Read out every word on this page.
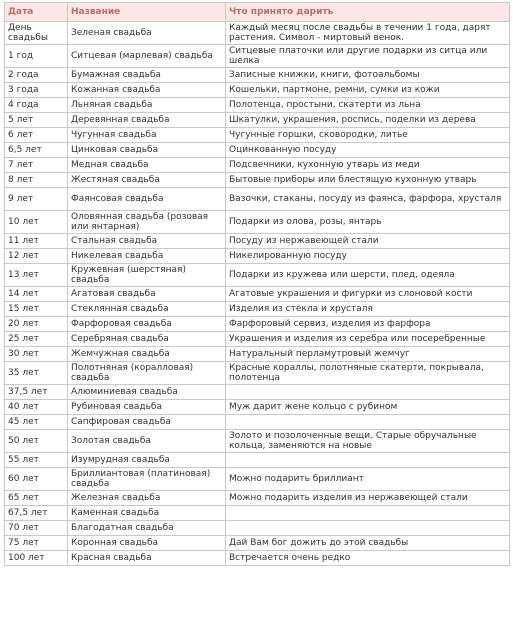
Дата	Название	Что принято дарить
День свадьбы	Зеленая свадьба	Каждый месяц после свадьбы в течении 1 года, дарят растения. Символ - миртовый венок.
1 год	Ситцевая (марлевая) свадьба	Ситцевые платочки или другие подарки из ситца или шелка
2 года	Бумажная свадьба	Записные книжки, книги, фотоальбомы
3 года	Кожанная свадьба	Кошельки, партмоне, ремни, сумки из кожи
4 года	Льняная свадьба	Полотенца, простыни, скатерти из льна
5 лет	Деревянная свадьба	Шкатулки, украшения, роспись, поделки из дерева
6 лет	Чугунная свадьба	Чугунные горшки, сковородки, литье
6,5 лет	Цинковая свадьба	Оцинкованную посуду
7 лет	Медная свадьба	Подсвечники, кухонную утварь из меди
8 лет	Жестяная свадьба	Бытовые приборы или блестящую кухонную утварь
9 лет	Фаянсовая свадьба	Вазочки, стаканы, посуду из фаянса, фарфора, хрусталя
10 лет	Оловянная свадьба (розовая или янтарная)	Подарки из олова, розы, янтарь
11 лет	Стальная свадьба	Посуду из нержавеющей стали
12 лет	Никелевая свадьба	Никелированную посуду
13 лет	Кружевная (шерстяная) свадьба	Подарки из кружева или шерсти, плед, одеяла
14 лет	Агатовая свадьба	Агатовые украшения и фигурки из слоновой кости
15 лет	Стеклянная свадьба	Изделия из стекла и хрусталя
20 лет	Фарфоровая свадьба	Фарфоровый сервиз, изделия из фарфора
25 лет	Серебряная свадьба	Украшения и изделия из серебра или посеребренные
30 лет	Жемчужная свадьба	Натуральный перламутровый жемчуг
35 лет	Полотняная (коралловая) свадьба	Красные кораллы, полотняные скатерти, покрывала, полотенца
37,5 лет	Алюминиевая свадьба	
40 лет	Рубиновая свадьба	Муж дарит жене кольцо с рубином
45 лет	Сапфировая свадьба	
50 лет	Золотая свадьба	Золото и позолоченные вещи. Старые обручальные кольца, заменяются на новые
55 лет	Изумрудная свадьба	
60 лет	Бриллиантовая (платиновая) свадьба	Можно подарить бриллиант
65 лет	Железная свадьба	Можно подарить изделия из нержавеющей стали
67,5 лет	Каменная свадьба	
70 лет	Благодатная свадьба	
75 лет	Коронная свадьба	Дай Вам бог дожить до этой свадьбы
100 лет	Красная свадьба	Встречается очень редко
